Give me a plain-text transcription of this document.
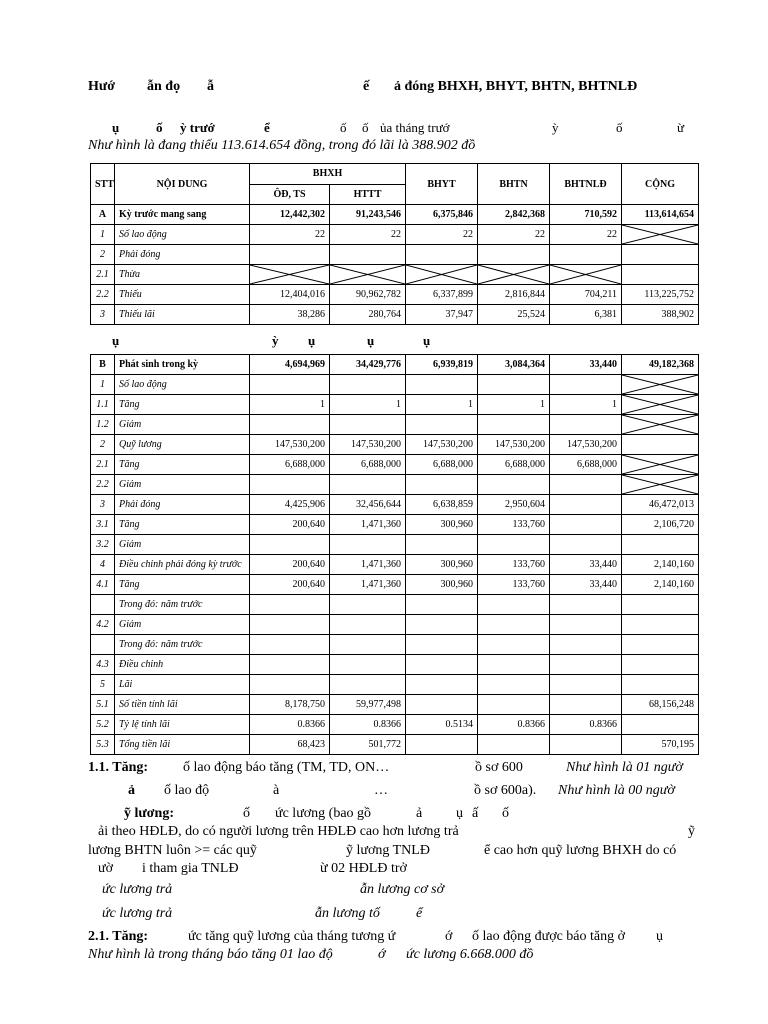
Hướ ẫn đọ ẫ	ế ả đóng BHXH, BHYT, BHTN, BHTNLĐ
ụ	ố ỳ trướ	ể	ố ố ủa tháng trướ	ỳ	ố	ừ
Như hình là đang thiếu 113.614.654 đồng, trong đó lãi là 388.902 đồ
STT	NỘI DUNG	BHXH		BHYT	BHTN	BHTNLĐ	CỘNG
		ÔĐ, TS	HTTT				
A	Kỳ trước mang sang	12,442,302	91,243,546	6,375,846	2,842,368	710,592	113,614,654
1	Số lao động	22	22	22	22	22	

2	Phải đóng						
2.1	Thừa	

2.2	Thiếu	12,404,016	90,962,782	6,337,899	2,816,844	704,211	113,225,752
3	Thiếu lãi	38,286	280,764	37,947	25,524	6,381	388,902
ụ	ỳ ụ	ụ	ụ
B	Phát sinh trong kỳ	4,694,969	34,429,776	6,939,819	3,084,364	33,440	49,182,368
1	Số lao động						

1.1	Tăng	1	1	1	1	1	

1.2	Giảm						

2	Quỹ lương	147,530,200	147,530,200	147,530,200	147,530,200	147,530,200	
2.1	Tăng	6,688,000	6,688,000	6,688,000	6,688,000	6,688,000	

2.2	Giảm						

3	Phải đóng	4,425,906	32,456,644	6,638,859	2,950,604		46,472,013
3.1	Tăng	200,640	1,471,360	300,960	133,760		2,106,720
3.2	Giảm						
4	Điều chỉnh phải đóng kỳ trước	200,640	1,471,360	300,960	133,760	33,440	2,140,160
4.1	Tăng	200,640	1,471,360	300,960	133,760	33,440	2,140,160
	Trong đó: năm trước						
4.2	Giảm						
	Trong đó: năm trước						
4.3	Điều chỉnh						
5	Lãi						
5.1	Số tiền tính lãi	8,178,750	59,977,498				68,156,248
5.2	Tỷ lệ tính lãi	0.8366	0.8366	0.5134	0.8366	0.8366	
5.3	Tổng tiền lãi	68,423	501,772				570,195
1.1. Tăng: ố lao động báo tăng (TM, TD, ON…	ồ sơ 600	Như hình là 01 ngườ
ả ố lao độ	à	…	ồ sơ 600a). Như hình là 00 ngườ
ỹ lương:	ố ức lương (bao gồ	ả ụ ấ ố
ải theo HĐLĐ, do có người lương trên HĐLĐ cao hơn lương trả	ỹ
lương BHTN luôn >= các quỹ	ỹ lương TNLĐ	ể cao hơn quỹ lương BHXH do có
ườ i tham gia TNLĐ	ừ 02 HĐLĐ trở
ức lương trả	ẫn lương cơ sở
ức lương trả	ẫn lương tố	ể
2.1. Tăng:	ức tăng quỹ lương của tháng tương ứ	ớ ố lao động được báo tăng ở ụ
Như hình là trong tháng báo tăng 01 lao độ	ớ ức lương 6.668.000 đồ
